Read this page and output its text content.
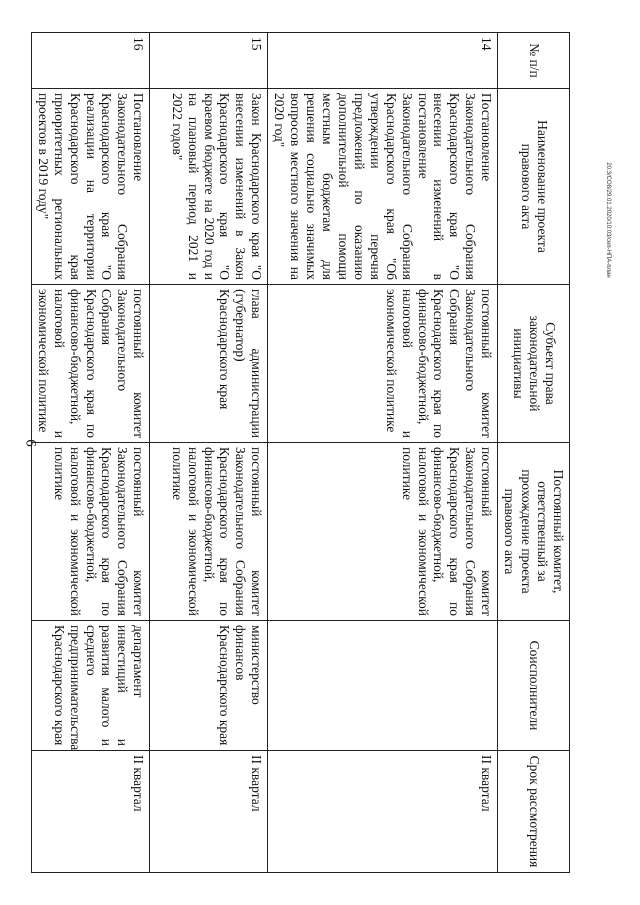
6
20.3/CO8/29.01.2020/10:03/сеп-НПА-план
№ п/п	Наименование проекта правового акта	Субъект права законодательной инициативы	Постоянный комитет, ответственный за прохождение проекта правового акта	Соисполнители	Срок рассмотрения
14	Постановление Законодательного Собрания Краснодарского края "О внесении изменений в постановление Законодательного Собрания Краснодарского края "Об утверждении перечня предложений по оказанию дополнительной помощи местным бюджетам для решения социально значимых вопросов местного значения на 2020 год"	постоянный комитет Законодательного Собрания Краснодарского края по финансово-бюджетной, налоговой и экономической политике	постоянный комитет Законодательного Собрания Краснодарского края по финансово-бюджетной, налоговой и экономической политике		II квартал
15	Закон Краснодарского края "О внесении изменений в Закон Краснодарского края "О краевом бюджете на 2020 год и на плановый период 2021 и 2022 годов"	глава администрации (губернатор) Краснодарского края	постоянный комитет Законодательного Собрания Краснодарского края по финансово-бюджетной, налоговой и экономической политике	министерство финансов Краснодарского края	II квартал
16	Постановление Законодательного Собрания Краснодарского края "О реализации на территории Краснодарского края приоритетных региональных проектов в 2019 году"	постоянный комитет Законодательного Собрания Краснодарского края по финансово-бюджетной, налоговой и экономической политике	постоянный комитет Законодательного Собрания Краснодарского края по финансово-бюджетной, налоговой и экономической политике	департамент инвестиций и развития малого и среднего предпринимательства Краснодарского края	II квартал
